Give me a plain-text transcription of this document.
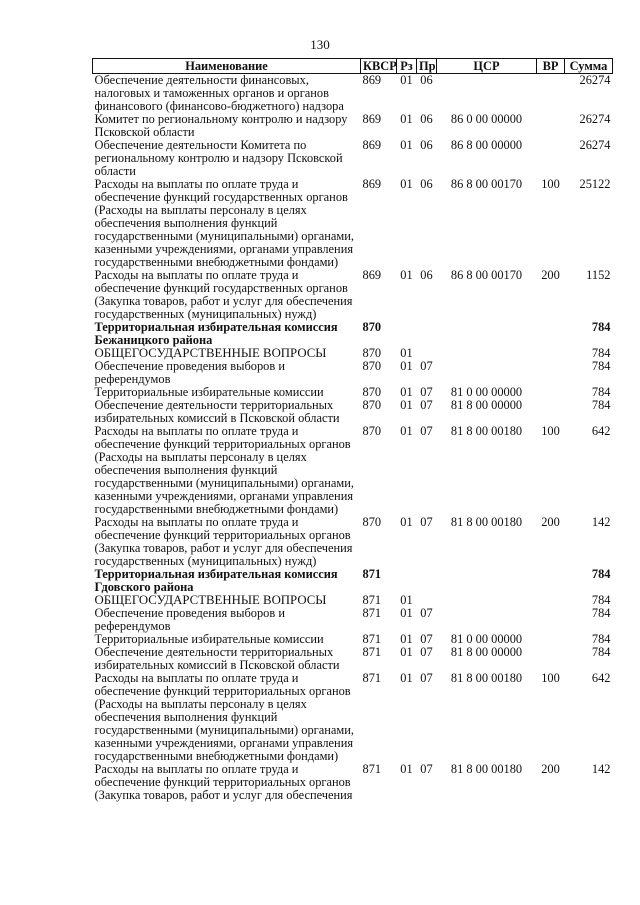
130
Наименование	КВСР	Рз	Пр	ЦСР	ВР	Сумма
Обеспечение деятельности финансовых, налоговых и таможенных органов и органов финансового (финансово-бюджетного) надзора	869	01	06			26274
Комитет по региональному контролю и надзору Псковской области	869	01	06	86 0 00 00000		26274
Обеспечение деятельности Комитета по региональному контролю и надзору Псковской области	869	01	06	86 8 00 00000		26274
Расходы на выплаты по оплате труда и обеспечение функций государственных органов (Расходы на выплаты персоналу в целях обеспечения выполнения функций государственными (муниципальными) органами, казенными учреждениями, органами управления государственными внебюджетными фондами)	869	01	06	86 8 00 00170	100	25122
Расходы на выплаты по оплате труда и обеспечение функций государственных органов (Закупка товаров, работ и услуг для обеспечения государственных (муниципальных) нужд)	869	01	06	86 8 00 00170	200	1152
Территориальная избирательная комиссия Бежаницкого района	870					784
ОБЩЕГОСУДАРСТВЕННЫЕ ВОПРОСЫ	870	01				784
Обеспечение проведения выборов и референдумов	870	01	07			784
Территориальные избирательные комиссии	870	01	07	81 0 00 00000		784
Обеспечение деятельности территориальных избирательных комиссий в Псковской области	870	01	07	81 8 00 00000		784
Расходы на выплаты по оплате труда и обеспечение функций территориальных органов (Расходы на выплаты персоналу в целях обеспечения выполнения функций государственными (муниципальными) органами, казенными учреждениями, органами управления государственными внебюджетными фондами)	870	01	07	81 8 00 00180	100	642
Расходы на выплаты по оплате труда и обеспечение функций территориальных органов (Закупка товаров, работ и услуг для обеспечения государственных (муниципальных) нужд)	870	01	07	81 8 00 00180	200	142
Территориальная избирательная комиссия Гдовского района	871					784
ОБЩЕГОСУДАРСТВЕННЫЕ ВОПРОСЫ	871	01				784
Обеспечение проведения выборов и референдумов	871	01	07			784
Территориальные избирательные комиссии	871	01	07	81 0 00 00000		784
Обеспечение деятельности территориальных избирательных комиссий в Псковской области	871	01	07	81 8 00 00000		784
Расходы на выплаты по оплате труда и обеспечение функций территориальных органов (Расходы на выплаты персоналу в целях обеспечения выполнения функций государственными (муниципальными) органами, казенными учреждениями, органами управления государственными внебюджетными фондами)	871	01	07	81 8 00 00180	100	642
Расходы на выплаты по оплате труда и обеспечение функций территориальных органов (Закупка товаров, работ и услуг для обеспечения	871	01	07	81 8 00 00180	200	142
